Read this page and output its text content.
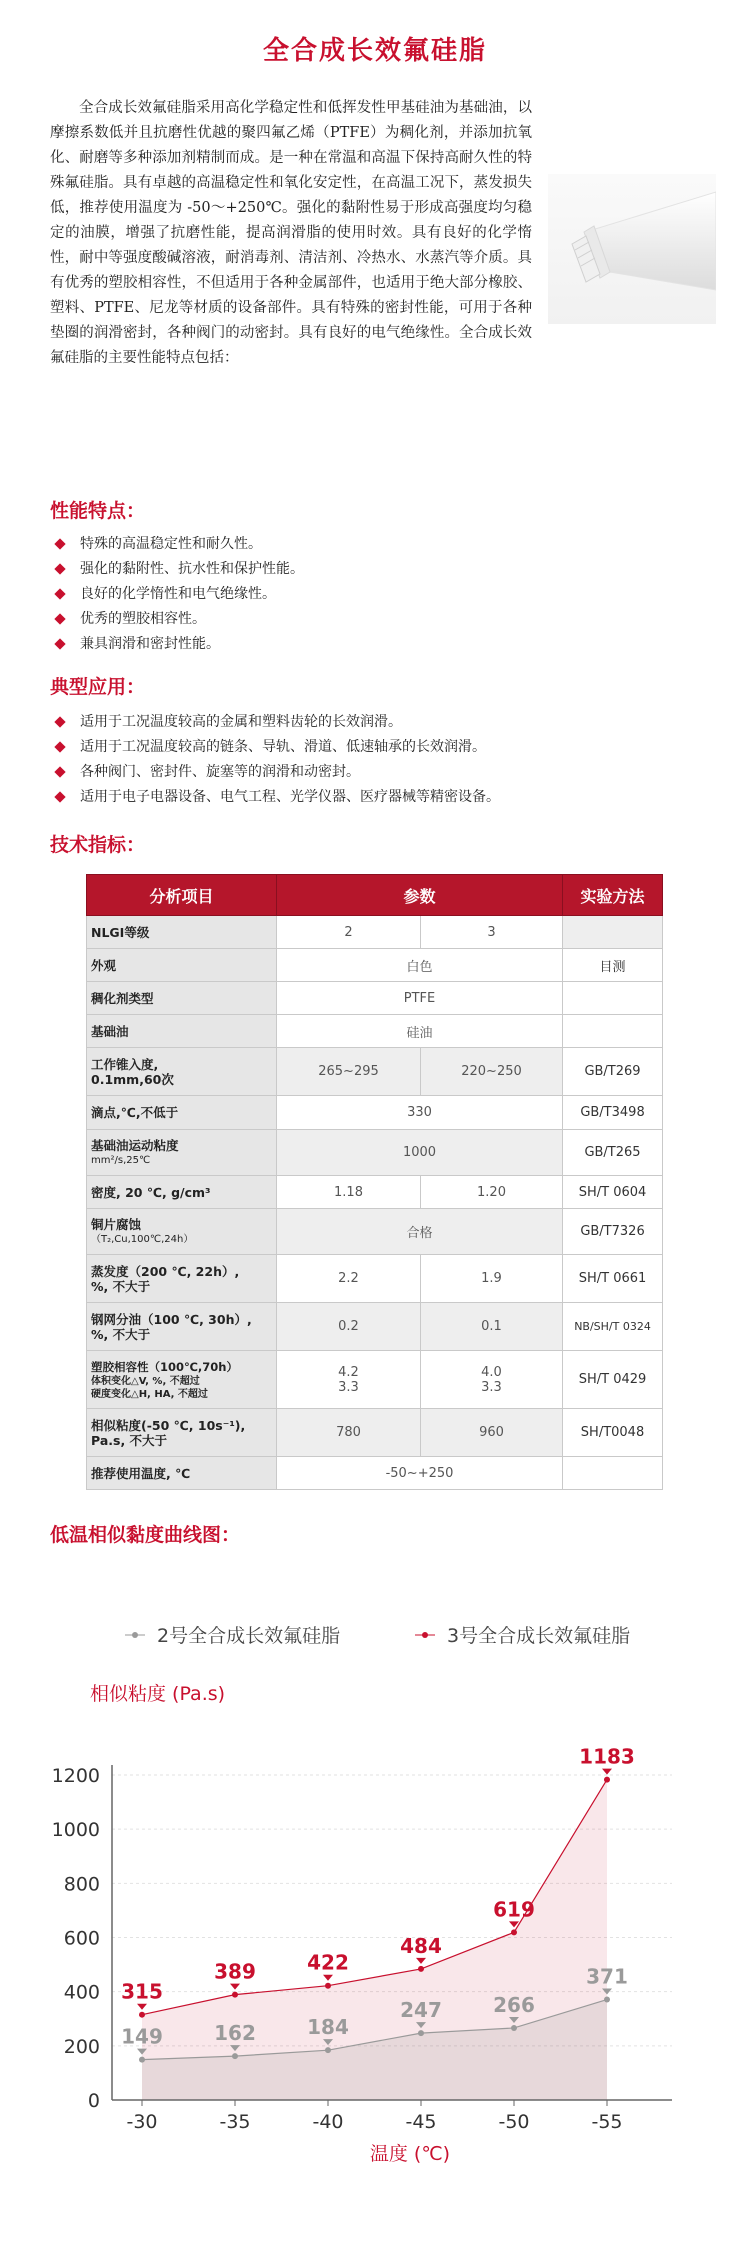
全合成长效氟硅脂

全合成长效氟硅脂采用高化学稳定性和低挥发性甲基硅油为基础油，以摩擦系数低并且抗磨性优越的聚四氟乙烯（PTFE）为稠化剂，并添加抗氧化、耐磨等多种添加剂精制而成。是一种在常温和高温下保持高耐久性的特殊氟硅脂。具有卓越的高温稳定性和氧化安定性，在高温工况下，蒸发损失低，推荐使用温度为 -50～+250℃。强化的黏附性易于形成高强度均匀稳定的油膜，增强了抗磨性能，提高润滑脂的使用时效。具有良好的化学惰性，耐中等强度酸碱溶液，耐消毒剂、清洁剂、冷热水、水蒸汽等介质。具有优秀的塑胶相容性，不但适用于各种金属部件，也适用于绝大部分橡胶、塑料、PTFE、尼龙等材质的设备部件。具有特殊的密封性能，可用于各种垫圈的润滑密封，各种阀门的动密封。具有良好的电气绝缘性。全合成长效氟硅脂的主要性能特点包括：

性能特点：
特殊的高温稳定性和耐久性。
强化的黏附性、抗水性和保护性能。
良好的化学惰性和电气绝缘性。
优秀的塑胶相容性。
兼具润滑和密封性能。
典型应用：
适用于工况温度较高的金属和塑料齿轮的长效润滑。
适用于工况温度较高的链条、导轨、滑道、低速轴承的长效润滑。
各种阀门、密封件、旋塞等的润滑和动密封。
适用于电子电器设备、电气工程、光学仪器、医疗器械等精密设备。
技术指标：
分析项目	参数		实验方法
NLGI等级	2	3	
外观	白色		目测
稠化剂类型	PTFE		
基础油	硅油		
工作锥入度,
0.1mm,60次	265~295	220~250	GB/T269
滴点,℃,不低于	330		GB/T3498
基础油运动粘度
mm²/s,25℃	1000		GB/T265
密度, 20 ℃, g/cm³	1.18	1.20	SH/T 0604
铜片腐蚀
（T₂,Cu,100℃,24h）	合格		GB/T7326
蒸发度（200 ℃, 22h）,
%, 不大于	2.2	1.9	SH/T 0661
钢网分油（100 ℃, 30h）,
%, 不大于	0.2	0.1	NB/SH/T 0324
塑胶相容性（100℃,70h）
体积变化△V, %, 不超过
硬度变化△H, HA, 不超过	4.2
3.3	4.0
3.3	SH/T 0429
相似粘度(-50 ℃, 10s⁻¹),
Pa.s, 不大于	780	960	SH/T0048
推荐使用温度, ℃	-50~+250		
低温相似黏度曲线图：
2号全合成长效氟硅脂	3号全合成长效氟硅脂
相似粘度 (Pa.s)
0
200
400
600
800
1000
1200
149	162	184
247	266
371
315
389	422
484
619
1183
-30	-35	-40	-45	-50	-55
温度 (℃)
